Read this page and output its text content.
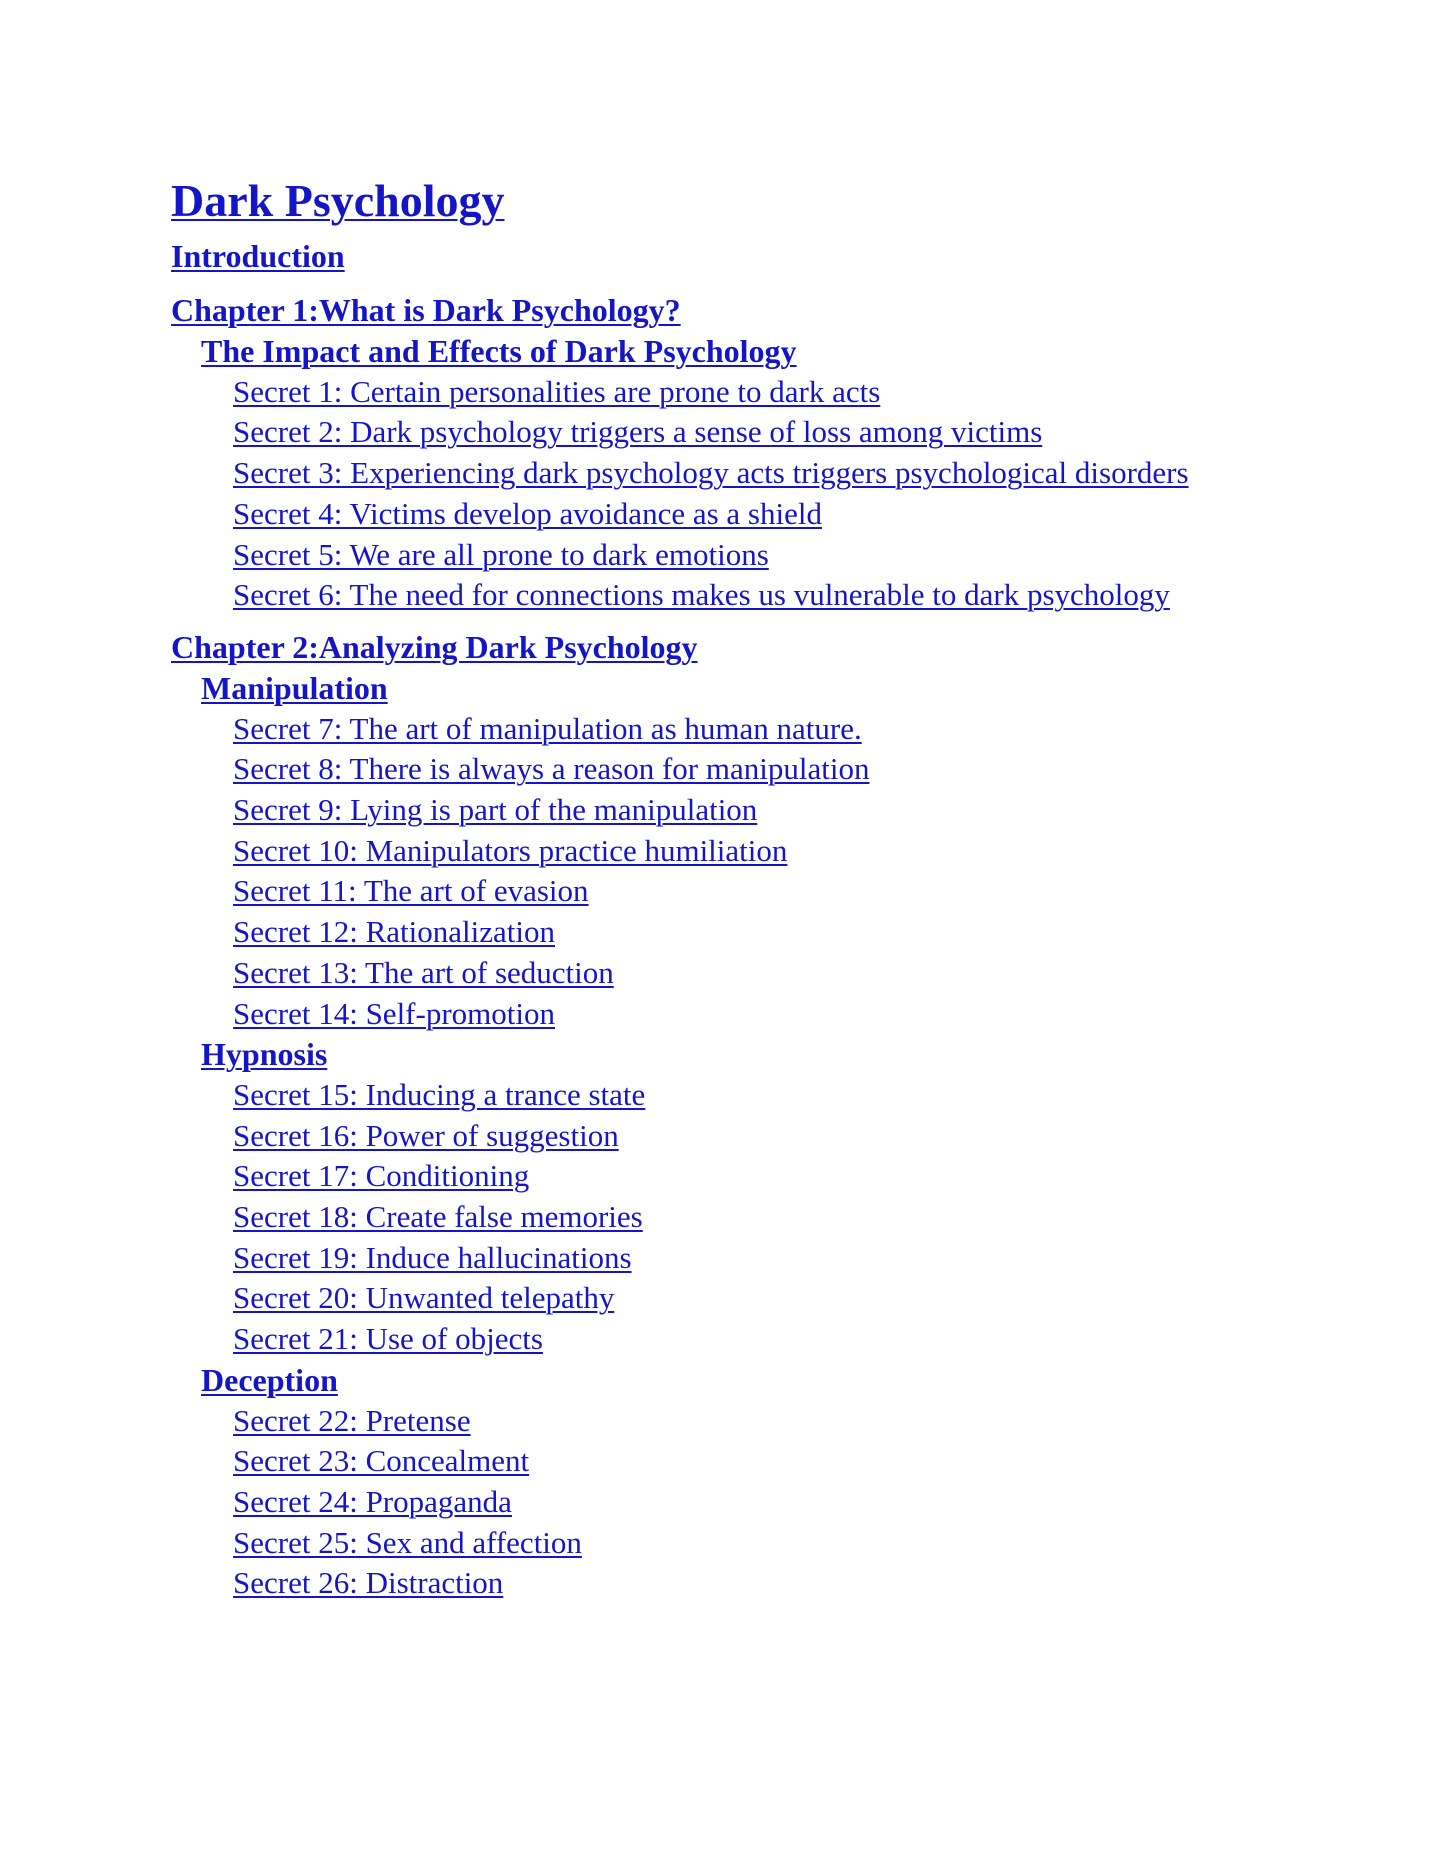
Dark Psychology
Introduction
Chapter 1:What is Dark Psychology?
The Impact and Effects of Dark Psychology
Secret 1: Certain personalities are prone to dark acts
Secret 2: Dark psychology triggers a sense of loss among victims
Secret 3: Experiencing dark psychology acts triggers psychological disorders
Secret 4: Victims develop avoidance as a shield
Secret 5: We are all prone to dark emotions
Secret 6: The need for connections makes us vulnerable to dark psychology
Chapter 2:Analyzing Dark Psychology
Manipulation
Secret 7: The art of manipulation as human nature.
Secret 8: There is always a reason for manipulation
Secret 9: Lying is part of the manipulation
Secret 10: Manipulators practice humiliation
Secret 11: The art of evasion
Secret 12: Rationalization
Secret 13: The art of seduction
Secret 14: Self-promotion
Hypnosis
Secret 15: Inducing a trance state
Secret 16: Power of suggestion
Secret 17: Conditioning
Secret 18: Create false memories
Secret 19: Induce hallucinations
Secret 20: Unwanted telepathy
Secret 21: Use of objects
Deception
Secret 22: Pretense
Secret 23: Concealment
Secret 24: Propaganda
Secret 25: Sex and affection
Secret 26: Distraction
